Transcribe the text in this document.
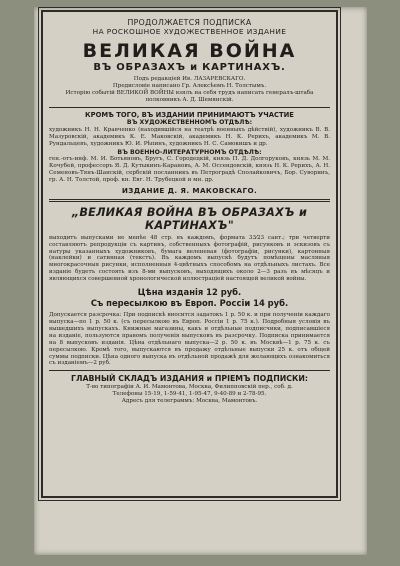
ПРОДОЛЖАЕТСЯ ПОДПИСКА
НА РОСКОШНОЕ ХУДОЖЕСТВЕННОЕ ИЗДАНИЕ
ВЕЛИКАЯ ВОЙНА
ВЪ ОБРАЗАХЪ и КАРТИНАХЪ.
Подъ редакцiей Ив. ЛАЗАРЕВСКАГО.
Предисловiе написано Гр. Алексѣемъ Н. Толстымъ.
Исторiю событiй ВЕЛИКОЙ ВОЙНЫ взялъ на себя трудъ написать генералъ-штаба полковникъ А. Д. Шемянскiй.
КРОМѢ ТОГО, ВЪ ИЗДАНИИ ПРИНИМАЮТЪ УЧАСТИЕ
ВЪ ХУДОЖЕСТВЕННОМЪ ОТДѢЛѢ:
художникъ Н. Н. Кравченко (находившiйся на театрѣ военныхъ дѣйствiй), художникъ В. В. Мазуровскiй, академикъ К. Е. Маковскiй, академикъ Н. К. Рерихъ, академикъ М. В. Рундальцевъ, художникъ Ю. И. Рѣпинъ, художникъ Н. С. Самокишъ и др.
ВЪ ВОЕННО-ЛИТЕРАТУРНОМЪ ОТДѢЛѢ:
ген.-отъ-инф. М. И. Ботьяновъ, Бругъ, С. Городецкiй, князь П. Д. Долгоруковъ, князь М. М. Кочубей, профессоръ Я. Д. Кутыкинъ-Карановъ, А. М. Оссендовскiй, князь Н. К. Рерихъ, А. Н. Семеновъ-Тянъ-Шанскiй, сербскiй посланникъ въ Петроградѣ Сполайковичъ, Бор. Суворинъ, гр. А. Н. Толстой, проф. кн. Евг. Н. Трубецкой и мн. др.
ИЗДАНИЕ Д. Я. МАКОВСКАГО.
„ВЕЛИКАЯ ВОЙНА ВЪ ОБРАЗАХЪ и КАРТИНАХЪ"
выходитъ выпусками не менѣе 48 стр. въ каждомъ, формата 33⁄23 сант.; три четверти составляютъ репродукцiи съ картинъ, собственныхъ фотографiй, рисунковъ и эскизовъ съ натуры указанныхъ художниковъ, бумага веленевая (фотографiи, рисунки), картонныя (наклейки) и сатинная (текстъ). Въ каждомъ выпускѣ будутъ помѣщены масляныя многокрасочныя рисунки, исполненныя 4-цвѣтныхъ способомъ на отдѣльныхъ листахъ. Все изданiе будетъ состоять изъ 8-ми выпусковъ, выходящихъ около 2—3 разъ въ мѣсяцъ и являющихся совершенной хронологической иллюстрацiей настоящей великой войны.
Цѣна изданiя 12 руб.
Съ пересылкою въ Европ. Россiи 14 руб.
Допускается разсрочка: При подпискѣ вносится задатокъ 1 р. 50 к. и при полученiи каждаго выпуска—по 1 р. 50 к. (съ пересылкою въ Европ. Россiи 1 р. 75 к.). Подробныя условiя въ вышедшихъ выпускахъ. Книжные магазины, какъ и отдѣльные подписчики, подписавшiеся на изданiе, пользуются правомъ полученiя выпусковъ въ разсрочку. Подписка принимается на 8 выпусковъ изданiя. Цѣна отдѣльнаго выпуска—2 р. 50 к. въ Москвѣ—1 р. 75 к. съ пересылкою. Кромѣ того, выпускаются въ продажу отдѣльные выпуски 25 к. отъ общей суммы подписки. Цѣна одного выпуска въ отдѣльной продажѣ для желающихъ ознакомиться съ изданiемъ—2 руб.
ГЛАВНЫЙ СКЛАДЪ ИЗДАНИЯ и ПРIЕМЪ ПОДПИСКИ:
Т-во типографiи А. И. Мамонтова, Москва, Филипповскiй пер., соб. д.
Телефоны 15-19, 1-59-41, 1-95-47, 9-40-89 и 2-78-95.
Адресъ для телеграммъ: Москва, Мамонтовъ.
